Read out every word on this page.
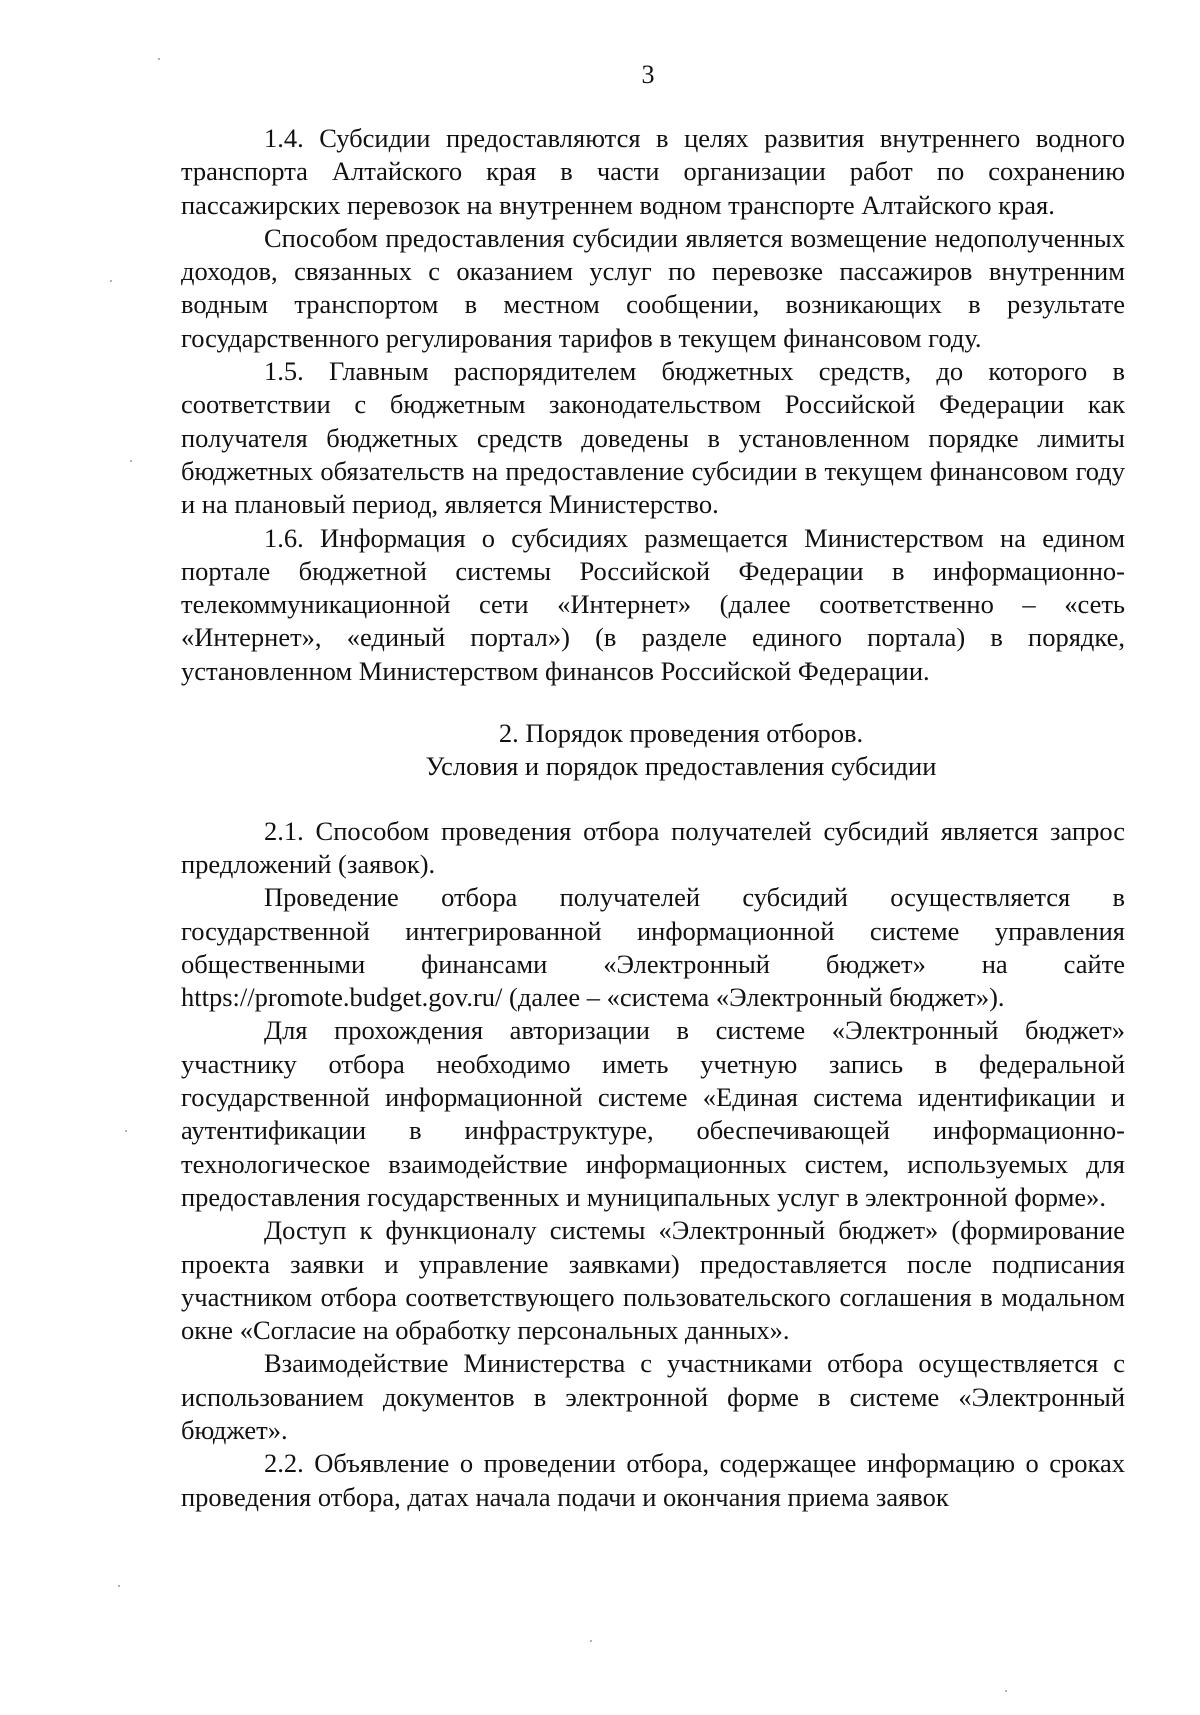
3

1.4. Субсидии предоставляются в целях развития внутреннего водного транспорта Алтайского края в части организации работ по сохранению пассажирских перевозок на внутреннем водном транспорте Алтайского края.

Способом предоставления субсидии является возмещение недополученных доходов, связанных с оказанием услуг по перевозке пассажиров внутренним водным транспортом в местном сообщении, возникающих в результате государственного регулирования тарифов в текущем финансовом году.

1.5. Главным распорядителем бюджетных средств, до которого в соответствии с бюджетным законодательством Российской Федерации как получателя бюджетных средств доведены в установленном порядке лимиты бюджетных обязательств на предоставление субсидии в текущем финансовом году и на плановый период, является Министерство.

1.6. Информация о субсидиях размещается Министерством на едином портале бюджетной системы Российской Федерации в информационно-телекоммуникационной сети «Интернет» (далее соответственно – «сеть «Интернет», «единый портал») (в разделе единого портала) в порядке, установленном Министерством финансов Российской Федерации.

2. Порядок проведения отборов.

Условия и порядок предоставления субсидии

2.1. Способом проведения отбора получателей субсидий является запрос предложений (заявок).

Проведение отбора получателей субсидий осуществляется в государственной интегрированной информационной системе управления общественными финансами «Электронный бюджет» на сайте https://promote.budget.gov.ru/ (далее – «система «Электронный бюджет»).

Для прохождения авторизации в системе «Электронный бюджет» участнику отбора необходимо иметь учетную запись в федеральной государственной информационной системе «Единая система идентификации и аутентификации в инфраструктуре, обеспечивающей информационно-технологическое взаимодействие информационных систем, используемых для предоставления государственных и муниципальных услуг в электронной форме».

Доступ к функционалу системы «Электронный бюджет» (формирование проекта заявки и управление заявками) предоставляется после подписания участником отбора соответствующего пользовательского соглашения в модальном окне «Согласие на обработку персональных данных».

Взаимодействие Министерства с участниками отбора осуществляется с использованием документов в электронной форме в системе «Электронный бюджет».

2.2. Объявление о проведении отбора, содержащее информацию о сроках проведения отбора, датах начала подачи и окончания приема заявок
